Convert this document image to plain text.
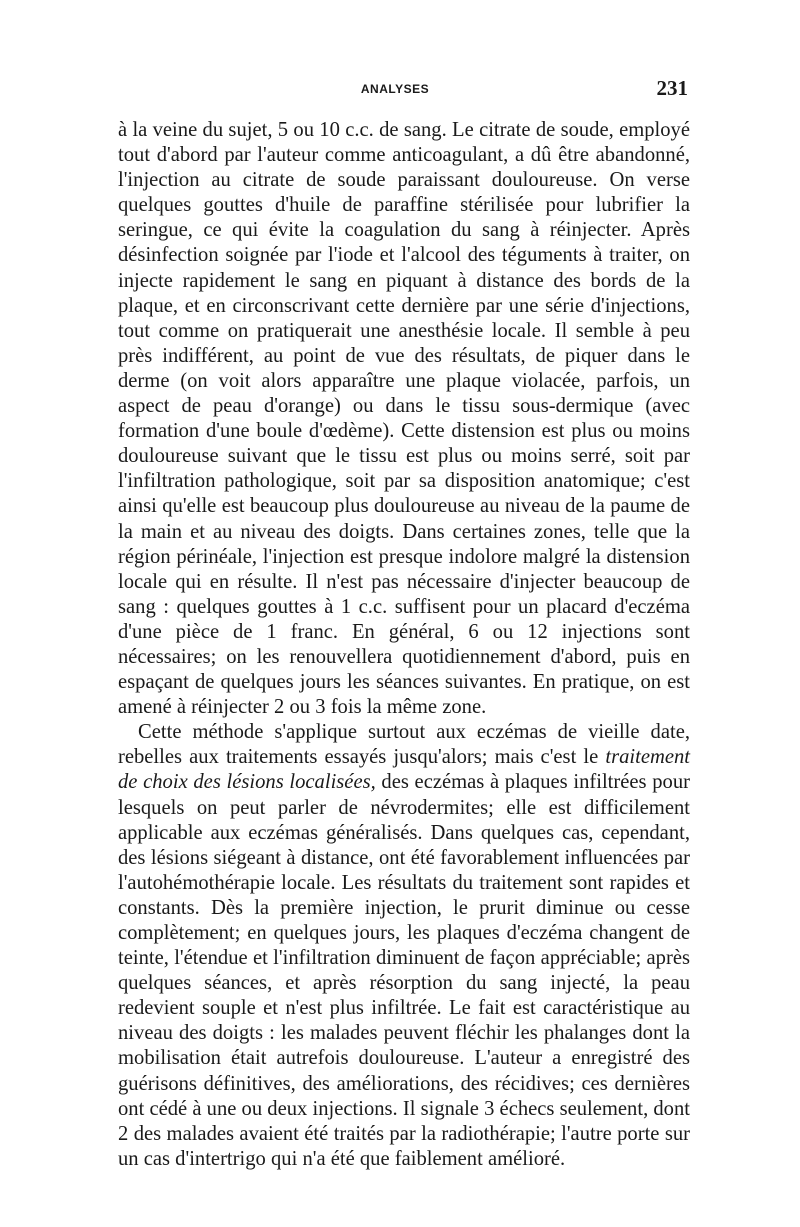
ANALYSES	231

à la veine du sujet, 5 ou 10 c.c. de sang. Le citrate de soude, employé tout d'abord par l'auteur comme anticoagulant, a dû être abandonné, l'injection au citrate de soude paraissant douloureuse. On verse quelques gouttes d'huile de paraffine stérilisée pour lubrifier la seringue, ce qui évite la coagulation du sang à réinjecter. Après désinfection soignée par l'iode et l'alcool des téguments à traiter, on injecte rapidement le sang en piquant à distance des bords de la plaque, et en circonscrivant cette dernière par une série d'injections, tout comme on pratiquerait une anesthésie locale. Il semble à peu près indifférent, au point de vue des résultats, de piquer dans le derme (on voit alors apparaître une plaque violacée, parfois, un aspect de peau d'orange) ou dans le tissu sous-dermique (avec formation d'une boule d'œdème). Cette distension est plus ou moins douloureuse suivant que le tissu est plus ou moins serré, soit par l'infiltration pathologique, soit par sa disposition anatomique; c'est ainsi qu'elle est beaucoup plus douloureuse au niveau de la paume de la main et au niveau des doigts. Dans certaines zones, telle que la région périnéale, l'injection est presque indolore malgré la distension locale qui en résulte. Il n'est pas nécessaire d'injecter beaucoup de sang : quelques gouttes à 1 c.c. suffisent pour un placard d'eczéma d'une pièce de 1 franc. En général, 6 ou 12 injections sont nécessaires; on les renouvellera quotidiennement d'abord, puis en espaçant de quelques jours les séances suivantes. En pratique, on est amené à réinjecter 2 ou 3 fois la même zone.

Cette méthode s'applique surtout aux eczémas de vieille date, rebelles aux traitements essayés jusqu'alors; mais c'est le traitement de choix des lésions localisées, des eczémas à plaques infiltrées pour lesquels on peut parler de névrodermites; elle est difficilement applicable aux eczémas généralisés. Dans quelques cas, cependant, des lésions siégeant à distance, ont été favorablement influencées par l'autohémothérapie locale. Les résultats du traitement sont rapides et constants. Dès la première injection, le prurit diminue ou cesse complètement; en quelques jours, les plaques d'eczéma changent de teinte, l'étendue et l'infiltration diminuent de façon appréciable; après quelques séances, et après résorption du sang injecté, la peau redevient souple et n'est plus infiltrée. Le fait est caractéristique au niveau des doigts : les malades peuvent fléchir les phalanges dont la mobilisation était autrefois douloureuse. L'auteur a enregistré des guérisons définitives, des améliorations, des récidives; ces dernières ont cédé à une ou deux injections. Il signale 3 échecs seulement, dont 2 des malades avaient été traités par la radiothérapie; l'autre porte sur un cas d'intertrigo qui n'a été que faiblement amélioré.
